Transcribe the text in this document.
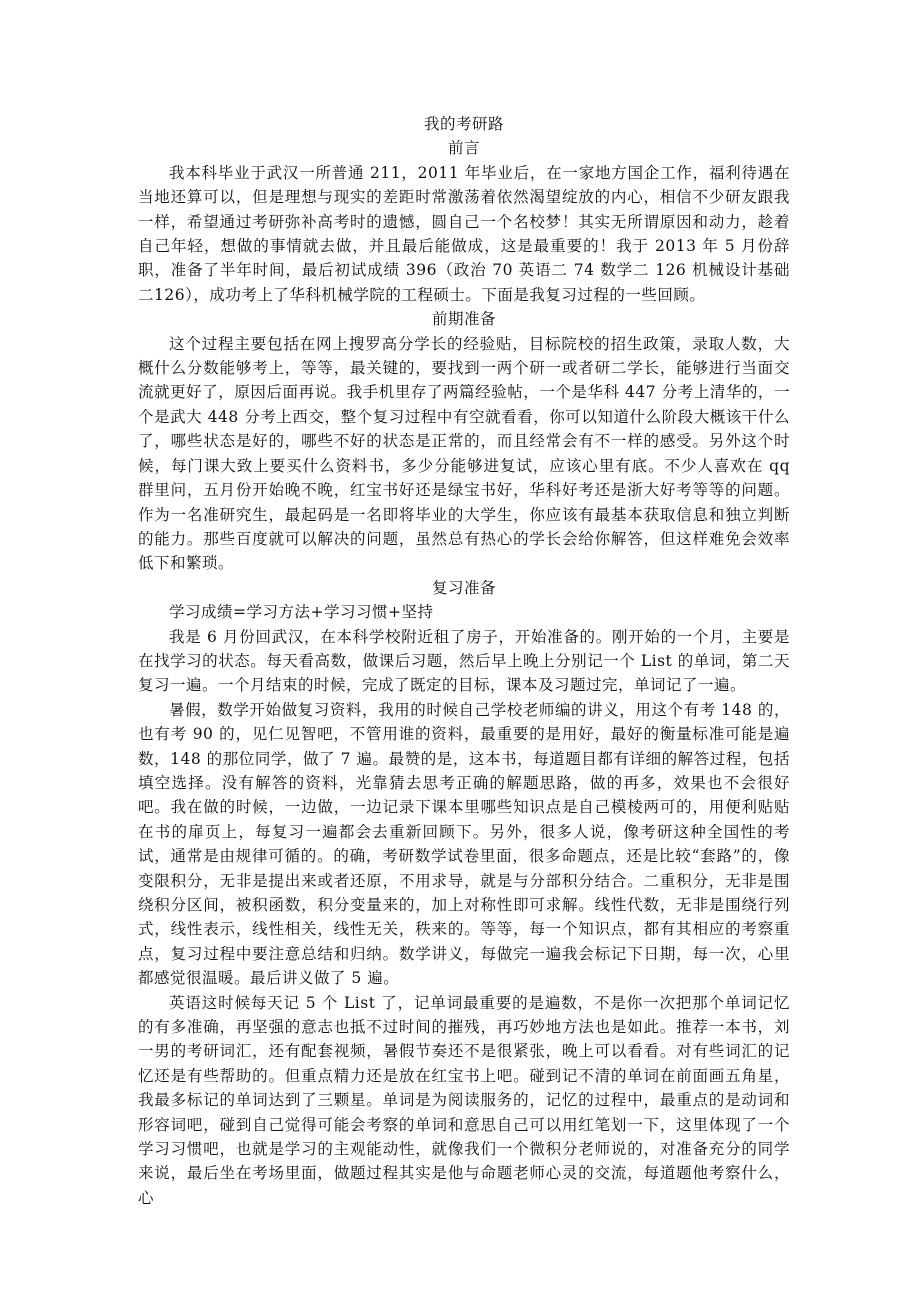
我的考研路
前言

我本科毕业于武汉一所普通 211，2011 年毕业后，在一家地方国企工作，福利待遇在当地还算可以，但是理想与现实的差距时常激荡着依然渴望绽放的内心，相信不少研友跟我一样，希望通过考研弥补高考时的遗憾，圆自己一个名校梦！其实无所谓原因和动力，趁着自己年轻，想做的事情就去做，并且最后能做成，这是最重要的！我于 2013 年 5 月份辞职，准备了半年时间，最后初试成绩 396（政治 70 英语二 74 数学二 126 机械设计基础二126），成功考上了华科机械学院的工程硕士。下面是我复习过程的一些回顾。

前期准备

这个过程主要包括在网上搜罗高分学长的经验贴，目标院校的招生政策，录取人数，大概什么分数能够考上，等等，最关键的，要找到一两个研一或者研二学长，能够进行当面交流就更好了，原因后面再说。我手机里存了两篇经验帖，一个是华科 447 分考上清华的，一个是武大 448 分考上西交，整个复习过程中有空就看看，你可以知道什么阶段大概该干什么了，哪些状态是好的，哪些不好的状态是正常的，而且经常会有不一样的感受。另外这个时候，每门课大致上要买什么资料书，多少分能够进复试，应该心里有底。不少人喜欢在 qq 群里问，五月份开始晚不晚，红宝书好还是绿宝书好，华科好考还是浙大好考等等的问题。作为一名准研究生，最起码是一名即将毕业的大学生，你应该有最基本获取信息和独立判断的能力。那些百度就可以解决的问题，虽然总有热心的学长会给你解答，但这样难免会效率低下和繁琐。

复习准备
学习成绩=学习方法+学习习惯+坚持

我是 6 月份回武汉，在本科学校附近租了房子，开始准备的。刚开始的一个月，主要是在找学习的状态。每天看高数，做课后习题，然后早上晚上分别记一个 List 的单词，第二天复习一遍。一个月结束的时候，完成了既定的目标，课本及习题过完，单词记了一遍。

暑假，数学开始做复习资料，我用的时候自己学校老师编的讲义，用这个有考 148 的，也有考 90 的，见仁见智吧，不管用谁的资料，最重要的是用好，最好的衡量标准可能是遍数，148 的那位同学，做了 7 遍。最赞的是，这本书，每道题目都有详细的解答过程，包括填空选择。没有解答的资料，光靠猜去思考正确的解题思路，做的再多，效果也不会很好吧。我在做的时候，一边做，一边记录下课本里哪些知识点是自己模棱两可的，用便利贴贴在书的扉页上，每复习一遍都会去重新回顾下。另外，很多人说，像考研这种全国性的考试，通常是由规律可循的。的确，考研数学试卷里面，很多命题点，还是比较“套路”的，像变限积分，无非是提出来或者还原，不用求导，就是与分部积分结合。二重积分，无非是围绕积分区间，被积函数，积分变量来的，加上对称性即可求解。线性代数，无非是围绕行列式，线性表示，线性相关，线性无关，秩来的。等等，每一个知识点，都有其相应的考察重点，复习过程中要注意总结和归纳。数学讲义，每做完一遍我会标记下日期，每一次，心里都感觉很温暖。最后讲义做了 5 遍。

英语这时候每天记 5 个 List 了，记单词最重要的是遍数，不是你一次把那个单词记忆的有多准确，再坚强的意志也抵不过时间的摧残，再巧妙地方法也是如此。推荐一本书，刘一男的考研词汇，还有配套视频，暑假节奏还不是很紧张，晚上可以看看。对有些词汇的记忆还是有些帮助的。但重点精力还是放在红宝书上吧。碰到记不清的单词在前面画五角星，我最多标记的单词达到了三颗星。单词是为阅读服务的，记忆的过程中，最重点的是动词和形容词吧，碰到自己觉得可能会考察的单词和意思自己可以用红笔划一下，这里体现了一个学习习惯吧，也就是学习的主观能动性，就像我们一个微积分老师说的，对准备充分的同学来说，最后坐在考场里面，做题过程其实是他与命题老师心灵的交流，每道题他考察什么，心
